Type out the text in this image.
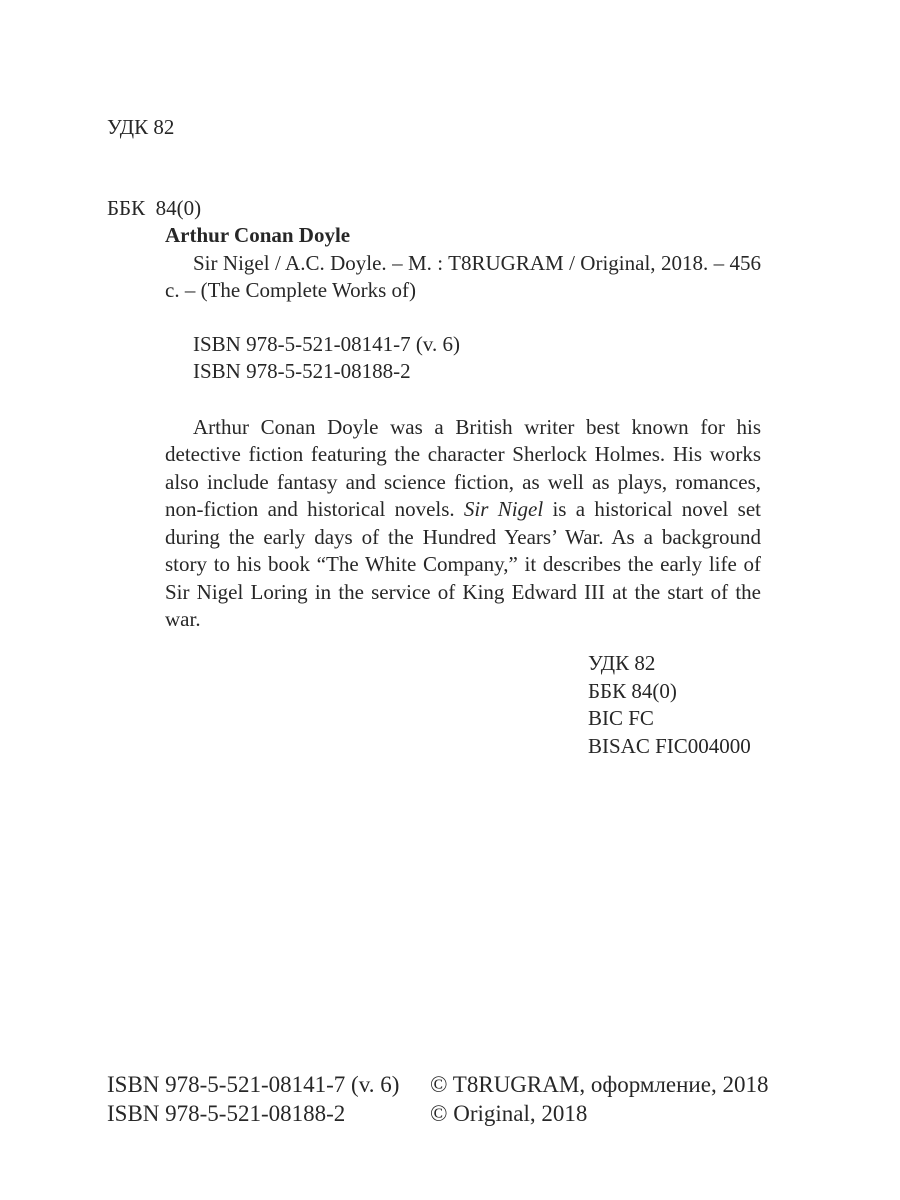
УДК 82

ББК  84(0)

Arthur Conan Doyle
Sir Nigel / A.C. Doyle. – M. : T8RUGRAM / Original, 2018. – 456 c. – (The Complete Works of)
ISBN 978-5-521-08141-7 (v. 6)
ISBN 978-5-521-08188-2
Arthur Conan Doyle was a British writer best known for his detective fiction featuring the character Sherlock Holmes. His works also include fantasy and science fiction, as well as plays, romances, non-fiction and historical novels. Sir Nigel is a historical novel set during the early days of the Hundred Years’ War. As a background story to his book “The White Company,” it describes the early life of Sir Nigel Loring in the service of King Edward III at the start of the war.
УДК 82
ББК 84(0)
BIC FC
BISAC FIC004000
ISBN 978-5-521-08141-7 (v. 6)
ISBN 978-5-521-08188-2
© T8RUGRAM, оформление, 2018
© Original, 2018
